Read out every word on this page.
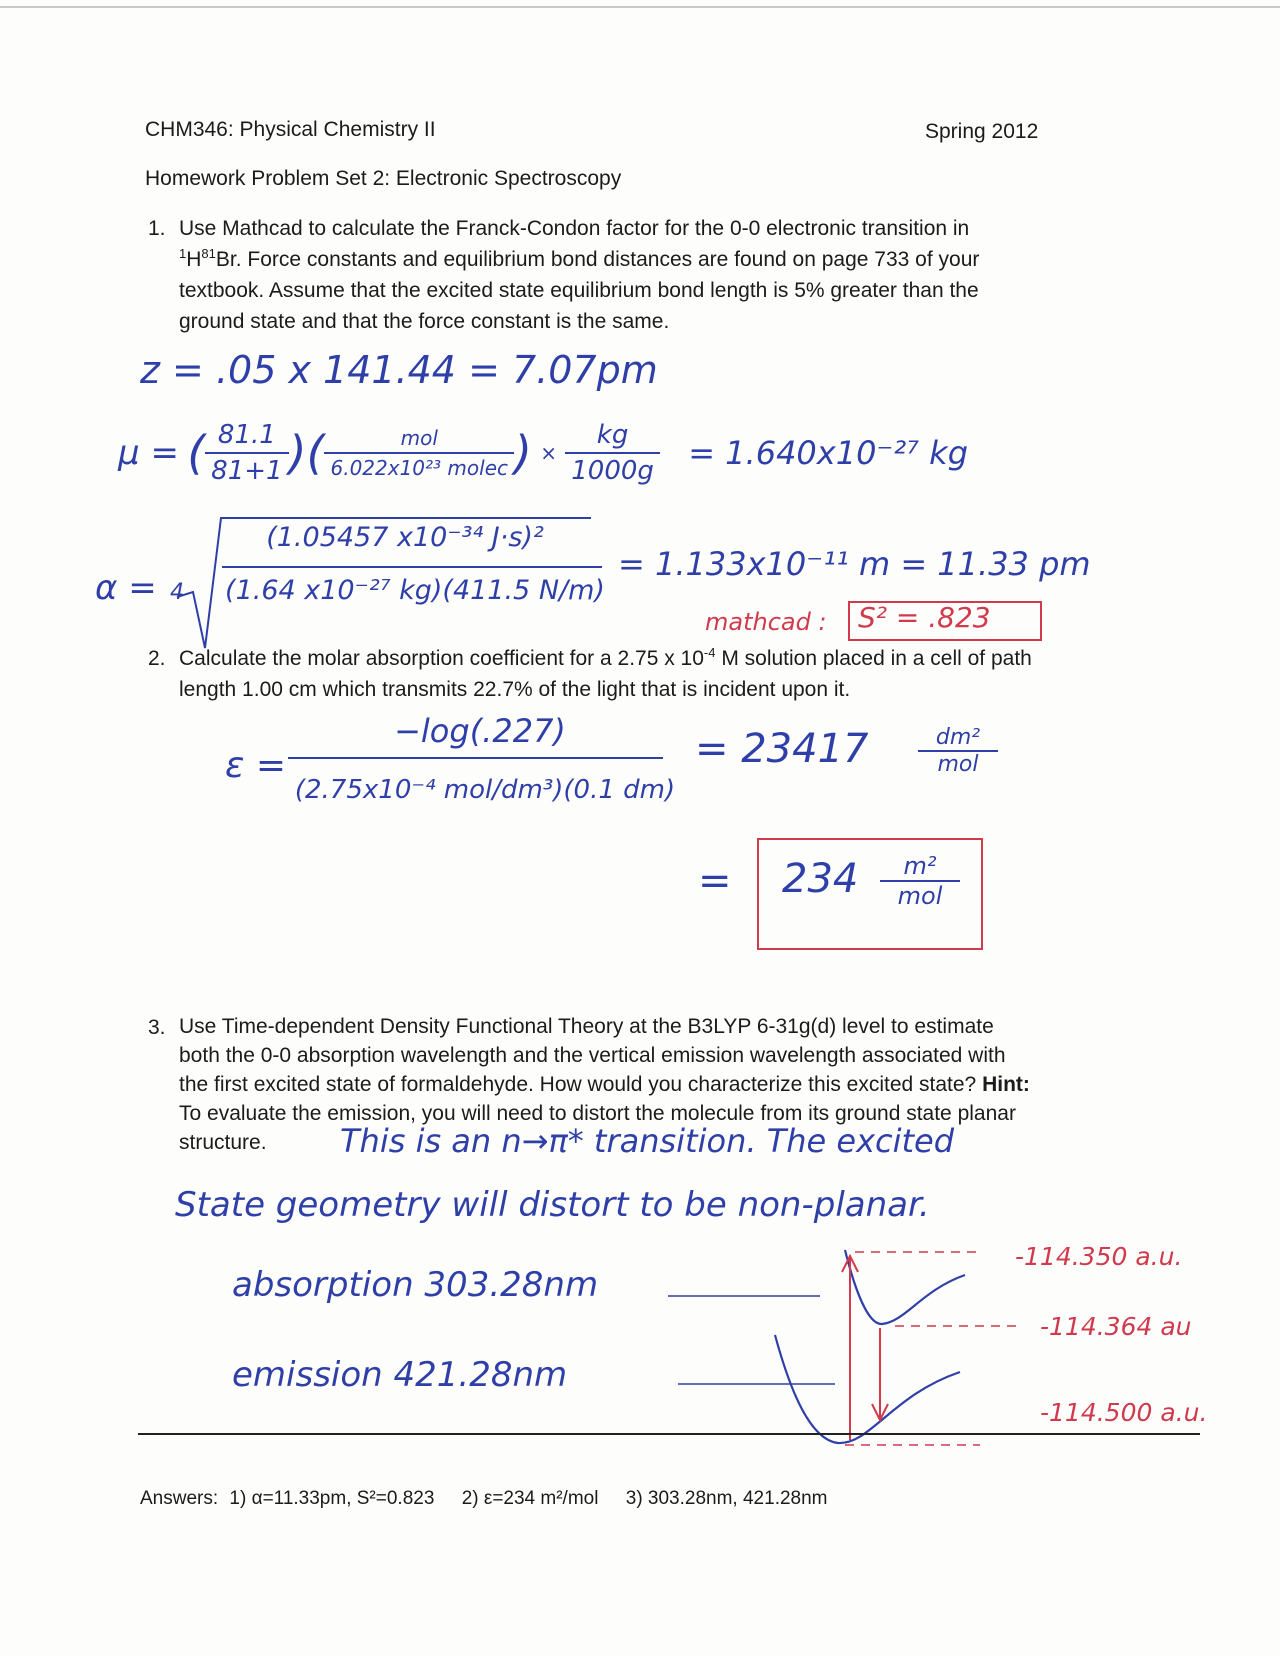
CHM346: Physical Chemistry II	Spring 2012
Homework Problem Set 2: Electronic Spectroscopy
1. Use Mathcad to calculate the Franck-Condon factor for the 0-0 electronic transition in
$^1H^{81}Br$. Force constants and equilibrium bond distances are found on page 733 of your
textbook. Assume that the excited state equilibrium bond length is 5% greater than the
ground state and that the force constant is the same.
z = .05 x 141.44 = 7.07pm
μ = ( $\frac{81.1}{81+1}$ )( $\frac{\text{mol}}{\text{6.022x10²³ molec}}$ ) × $\frac{kg}{1000g} = 1.640x10^{-27}$ kg
α = 4
(1.05457 x10⁻³⁴ J·s)²
(1.64 x10⁻²⁷ kg)(411.5 N/m)
= 1.133x10⁻¹¹ m = 11.33 pm
mathcad : S² = .823
2. Calculate the molar absorption coefficient for a 2.75 x $10^{-4}$ M solution placed in a cell of path
length 1.00 cm which transmits 22.7% of the light that is incident upon it.
ε =
−log(.227)
(2.75x10⁻⁴ mol/dm³)(0.1 dm)
= 23417	dm²
mol
= 234	m²
mol
3. Use Time-dependent Density Functional Theory at the B3LYP 6-31g(d) level to estimate
both the 0-0 absorption wavelength and the vertical emission wavelength associated with
the first excited state of formaldehyde. How would you characterize this excited state? Hint:
To evaluate the emission, you will need to distort the molecule from its ground state planar
structure.	This is an n→π* transition. The excited
State geometry will distort to be non-planar.
absorption 303.28nm
emission 421.28nm
-114.350 a.u.
-114.364 au
-114.500 a.u.
Answers: 1) α=11.33pm, S²=0.823 2) ε=234 m²/mol 3) 303.28nm, 421.28nm
